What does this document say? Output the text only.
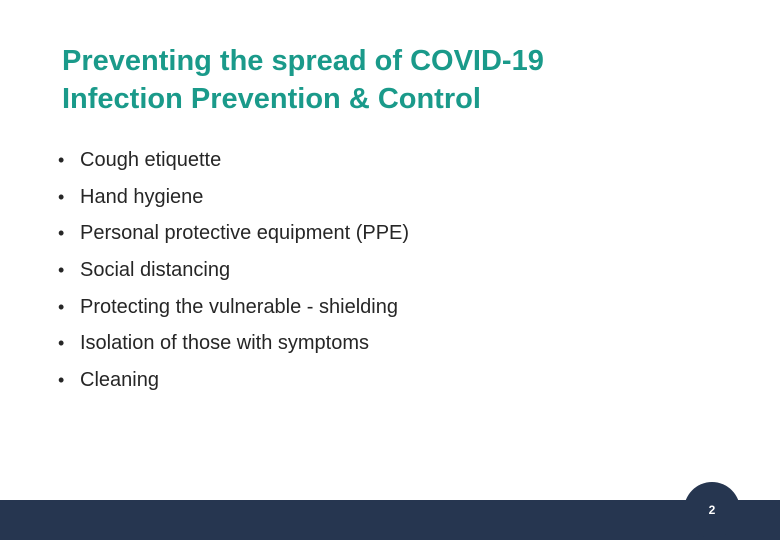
Preventing the spread of COVID-19
Infection Prevention & Control
• Cough etiquette
• Hand hygiene
• Personal protective equipment (PPE)
• Social distancing
• Protecting the vulnerable - shielding
• Isolation of those with symptoms
• Cleaning
2
